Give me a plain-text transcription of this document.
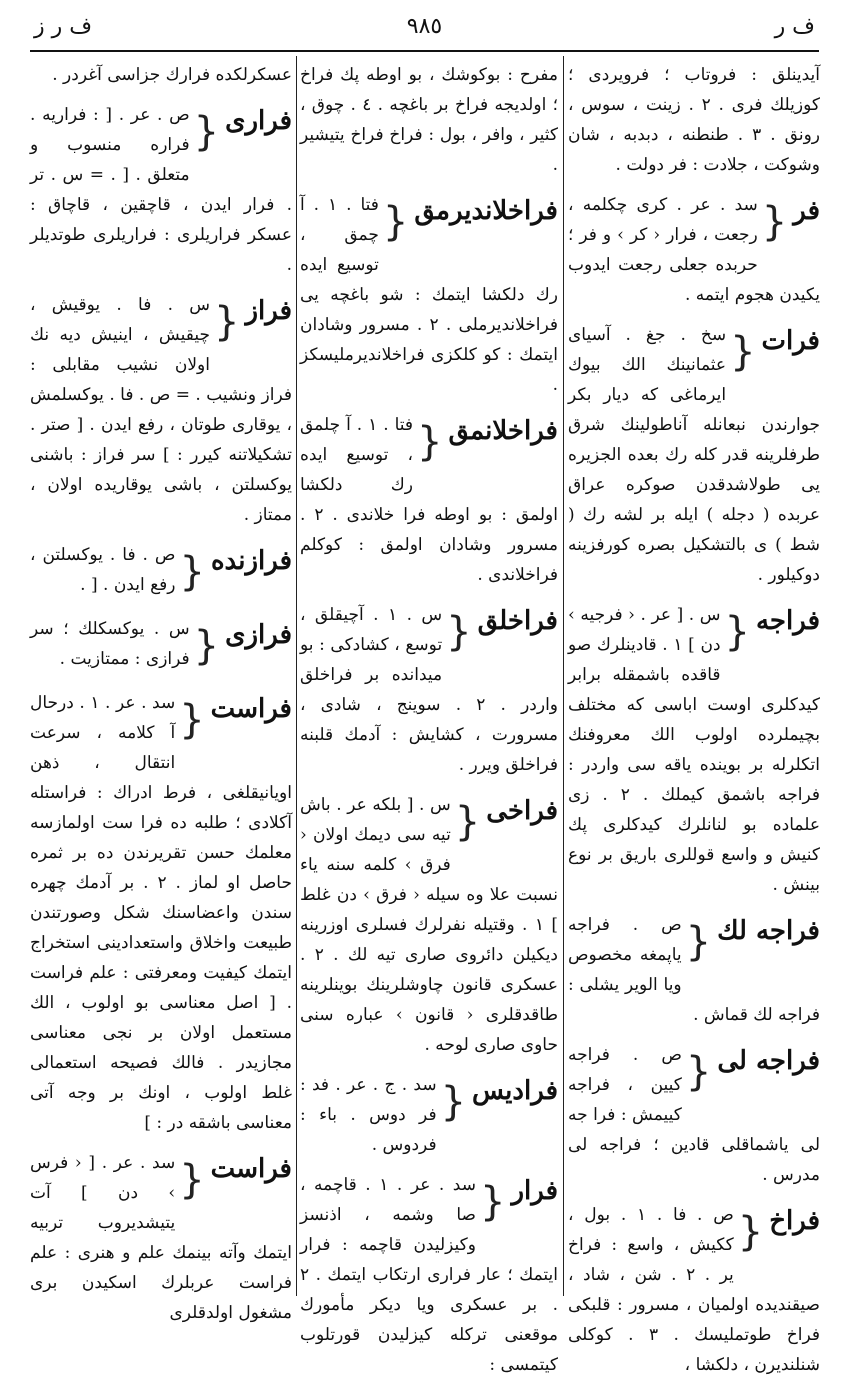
ف ر
٩٨٥
ف ر ز
آیدینلق : فروتاب ؛ فرویردی ؛ کوزیلك فری . ٢ . زینت ، سوس ، رونق . ٣ . طنطنه ، دبدبه ، شان وشوکت ، جلادت : فر دولت .
فر
{
سد . عر . کری چکلمه ، رجعت ، فرار ‹ کر › و فر ؛ حربده جعلی رجعت ایدوب یکیدن هجوم ایتمه .
فرات
{
سخ . جغ . آسیای عثمانینك الك بیوك ایرماغی که دیار بكر جوارندن نبعانله آناطولینك شرق طرفلرینه قدر کله رك بعده الجزیره یی طولاشدقدن صوکره عراق عربده ( دجله ) ایله بر لشه رك ( شط ) ی بالتشکیل بصره کورفزینه دوکیلور .
فراجه
{
س . [ عر . ‹ فرجیه › دن ] ١ . قادینلرك صو قاقده باشمقله برابر کیدکلری اوست اباسی که مختلف بچیملرده اولوب الك معروفنك اتکلرله بر بوینده یاقه سی واردر : فراجه باشمق کیملك . ٢ . زی علماده بو لنانلرك کیدکلری پك کنیش و واسع قوللری باریق بر نوع بینش .
فراجه لك
{
ص . فراجه یاپمغه مخصوص ویا الویر یشلی : فراجه لك قماش .
فراجه لی
{
ص . فراجه کیین ، فراجه کییمش : فرا جه لی یاشماقلی قادین ؛ فراجه لی مدرس .
فراخ
{
ص . فا . ١ . بول ، ککیش ، واسع : فراخ یر . ٢ . شن ، شاد ، صیقندیده اولمیان ، مسرور : قلبکی فراخ طوتملیسك . ٣ . کوکلی شنلندیرن ، دلکشا ،
مفرح : بوکوشك ، بو اوطه پك فراخ ؛ اولدیجه فراخ بر باغچه . ٤ . چوق ، کثیر ، وافر ، بول : فراخ فراخ یتیشیر .
فراخلاندیرمق
{
فتا . ١ . آ چمق ، توسیع ایده رك دلکشا ایتمك : شو باغچه یی فراخلاندیرملی . ٢ . مسرور وشادان ایتمك : کو کلکزی فراخلاندیرملیسکز .
فراخلانمق
{
فتا . ١ . آ چلمق ، توسیع ایده رك دلکشا اولمق : بو اوطه فرا خلاندی . ٢ . مسرور وشادان اولمق : کوکلم فراخلاندی .
فراخلق
{
س . ١ . آچیقلق ، توسع ، کشادکی : بو میدانده بر فراخلق واردر . ٢ . سوینج ، شادی ، مسرورت ، کشایش : آدمك قلبنه فراخلق ویرر .
فراخی
{
س . [ بلکه عر . باش تیه سی دیمك اولان ‹ فرق › کلمه سنه یاء نسبت علا وه سیله ‹ فرق › دن غلط ] ١ . وقتیله نفرلرك فسلری اوزرینه دیکیلن دائروی صاری تیه لك . ٢ . عسکری قانون چاوشلرینك بوینلرینه طاقدقلری ‹ قانون › عباره سنی حاوی صاری لوحه .
فرادیس
{
سد . ج . عر . فد : فر دوس . باء : فردوس .
فرار
{
سد . عر . ١ . قاچمه ، صا وشمه ، اذنسز وکیزلیدن قاچمه : فرار ایتمك ؛ عار فراری ارتکاب ایتمك . ٢ . بر عسکری ویا دیکر مأمورك موقعنی ترکله کیزلیدن قورتلوب کیتمسی :
عسکرلکده فرارك جزاسی آغردر .
فراری
{
ص . عر . [ : فراریه . فراره منسوب و متعلق . [ . = س . تر . فرار ایدن ، قاچقین ، قاچاق : عسکر فراریلری : فراریلری طوتدیلر .
فراز
{
س . فا . یوقیش ، چیقیش ، اینیش دیه نك اولان نشیب مقابلی : فراز ونشیب . = ص . فا . یوکسلمش ، یوقاری طوتان ، رفع ایدن . [ صتر . تشکیلاتنه کیرر : ] سر فراز : باشنی یوکسلتن ، باشی یوقاریده اولان ، ممتاز .
فرازنده
{
ص . فا . یوکسلتن ، رفع ایدن . [ .
فرازی
{
س . یوکسکلك ؛ سر فرازی : ممتازیت .
فراست
{
سد . عر . ١ . درحال آ کلامه ، سرعت انتقال ، ذهن اویانیقلغی ، فرط ادراك : فراستله آکلادی ؛ طلبه ده فرا ست اولمازسه معلمك حسن تقریرندن ده بر ثمره حاصل او لماز . ٢ . بر آدمك چهره سندن واعضاسنك شکل وصورتندن طبیعت واخلاق واستعدادینی استخراج ایتمك کیفیت ومعرفتی : علم فراست . [ اصل معناسی بو اولوب ، الك مستعمل اولان بر نجی معناسی مجازیدر . فالك فصیحه استعمالی غلط اولوب ، اونك بر وجه آتی معناسی باشقه در : ]
فراست
{
سد . عر . [ ‹ فرس › دن ] آت یتیشدیروب تربیه ایتمك وآته بینمك علم و هنری : علم فراست عربلرك اسکیدن بری مشغول اولدقلری
